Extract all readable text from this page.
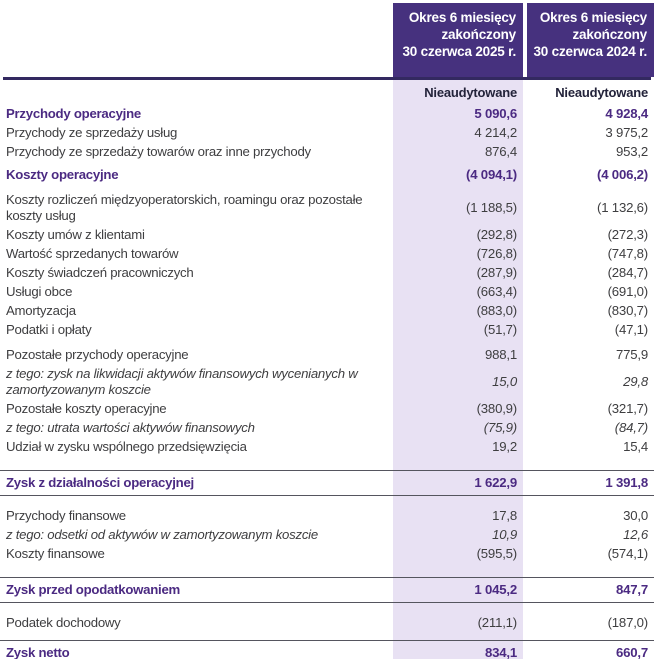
Okres 6 miesięcy
zakończony
30 czerwca 2025 r.
Okres 6 miesięcy
zakończony
30 czerwca 2024 r.
Nieaudytowane	Nieaudytowane
Przychody operacyjne	5 090,6	4 928,4
Przychody ze sprzedaży usług	4 214,2	3 975,2
Przychody ze sprzedaży towarów oraz inne przychody	876,4	953,2
Koszty operacyjne	(4 094,1)	(4 006,2)
Koszty rozliczeń międzyoperatorskich, roamingu oraz pozostałe koszty usług
(1 188,5)	(1 132,6)
Koszty umów z klientami	(292,8)	(272,3)
Wartość sprzedanych towarów	(726,8)	(747,8)
Koszty świadczeń pracowniczych	(287,9)	(284,7)
Usługi obce	(663,4)	(691,0)
Amortyzacja	(883,0)	(830,7)
Podatki i opłaty	(51,7)	(47,1)
Pozostałe przychody operacyjne	988,1	775,9
z tego: zysk na likwidacji aktywów finansowych wycenianych w zamortyzowanym koszcie
15,0	29,8
Pozostałe koszty operacyjne	(380,9)	(321,7)
z tego: utrata wartości aktywów finansowych	(75,9)	(84,7)
Udział w zysku wspólnego przedsięwzięcia	19,2	15,4
Zysk z działalności operacyjnej	1 622,9	1 391,8
Przychody finansowe	17,8	30,0
z tego: odsetki od aktywów w zamortyzowanym koszcie	10,9	12,6
Koszty finansowe	(595,5)	(574,1)
Zysk przed opodatkowaniem	1 045,2	847,7
Podatek dochodowy	(211,1)	(187,0)
Zysk netto	834,1	660,7
